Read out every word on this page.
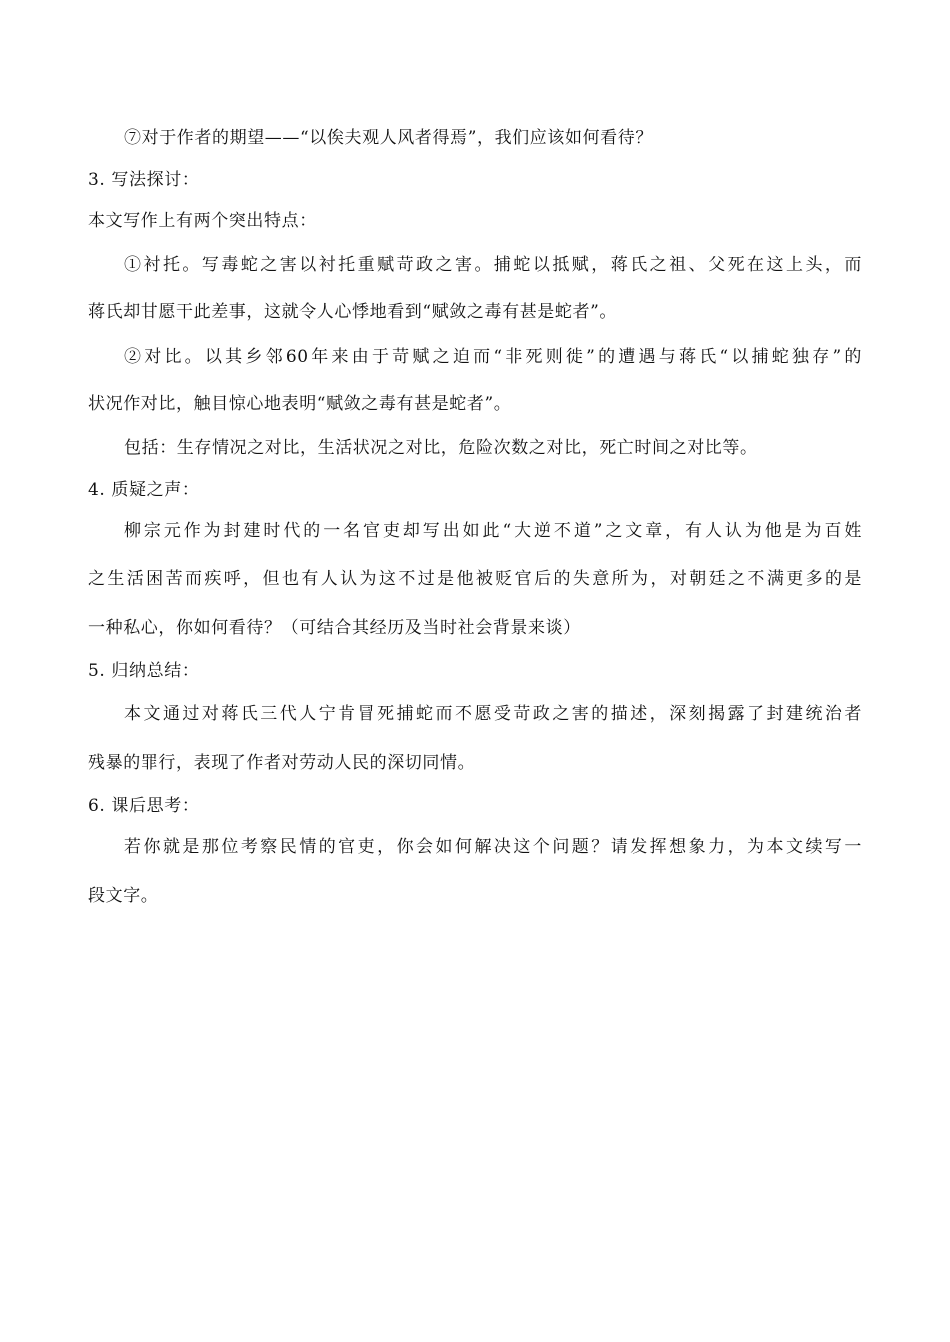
⑦对于作者的期望——“以俟夫观人风者得焉”，我们应该如何看待？
3. 写法探讨：
本文写作上有两个突出特点：
①衬托。写毒蛇之害以衬托重赋苛政之害。捕蛇以抵赋，蒋氏之祖、父死在这上头，而
蒋氏却甘愿干此差事，这就令人心悸地看到“赋敛之毒有甚是蛇者”。
②对比。以其乡邻60年来由于苛赋之迫而“非死则徙”的遭遇与蒋氏“以捕蛇独存”的
状况作对比，触目惊心地表明“赋敛之毒有甚是蛇者”。
包括：生存情况之对比，生活状况之对比，危险次数之对比，死亡时间之对比等。
4. 质疑之声：
柳宗元作为封建时代的一名官吏却写出如此“大逆不道”之文章，有人认为他是为百姓
之生活困苦而疾呼，但也有人认为这不过是他被贬官后的失意所为，对朝廷之不满更多的是
一种私心，你如何看待？（可结合其经历及当时社会背景来谈）
5. 归纳总结：
本文通过对蒋氏三代人宁肯冒死捕蛇而不愿受苛政之害的描述，深刻揭露了封建统治者
残暴的罪行，表现了作者对劳动人民的深切同情。
6. 课后思考：
若你就是那位考察民情的官吏，你会如何解决这个问题？请发挥想象力，为本文续写一
段文字。
